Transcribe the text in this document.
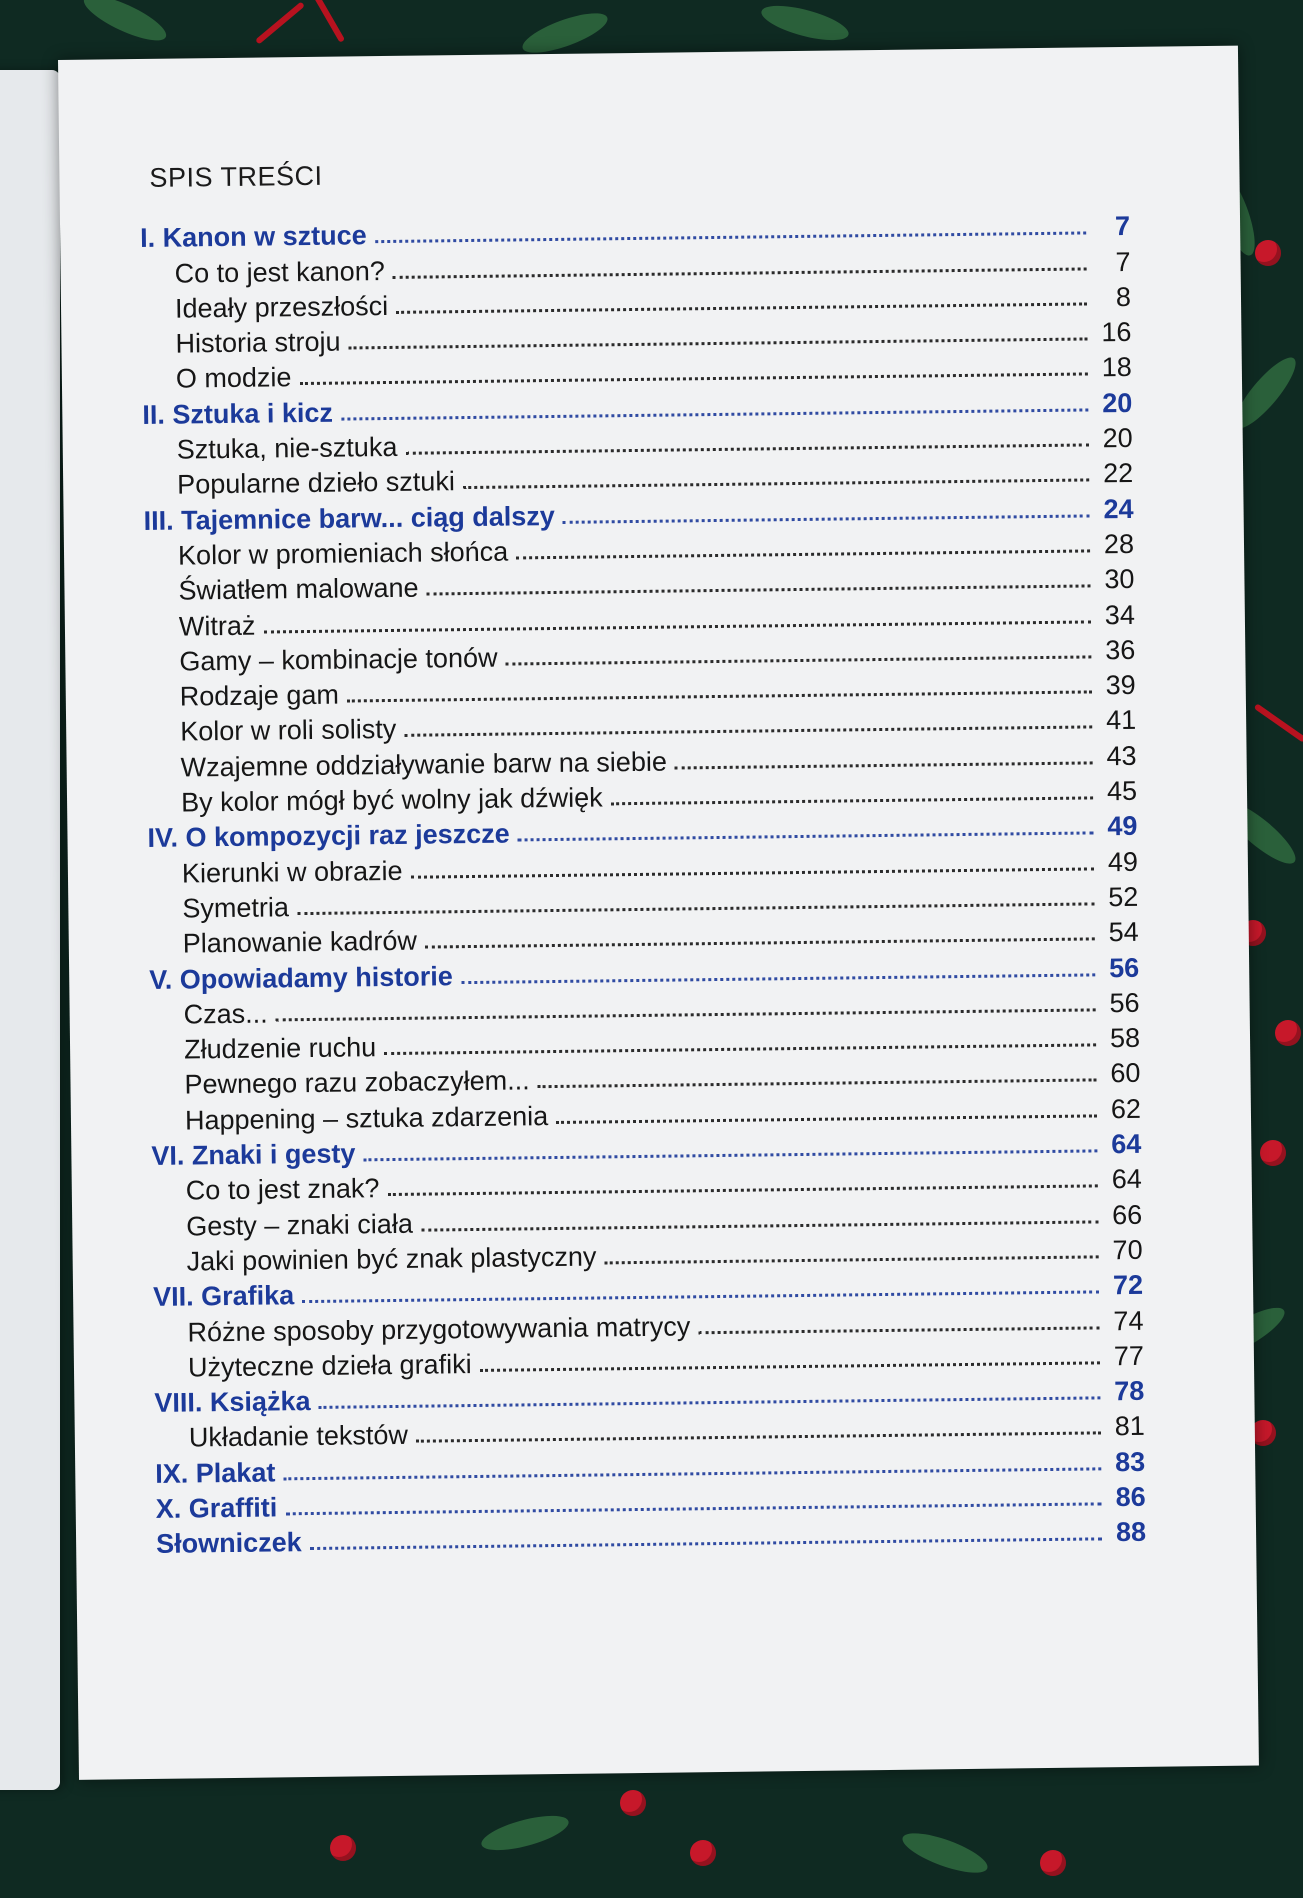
SPIS TREŚCI
I. Kanon w sztuce	7
Co to jest kanon?	7
Ideały przeszłości	8
Historia stroju	16
O modzie	18
II. Sztuka i kicz	20
Sztuka, nie-sztuka	20
Popularne dzieło sztuki	22
III. Tajemnice barw... ciąg dalszy	24
Kolor w promieniach słońca	28
Światłem malowane	30
Witraż	34
Gamy – kombinacje tonów	36
Rodzaje gam	39
Kolor w roli solisty	41
Wzajemne oddziaływanie barw na siebie	43
By kolor mógł być wolny jak dźwięk	45
IV. O kompozycji raz jeszcze	49
Kierunki w obrazie	49
Symetria	52
Planowanie kadrów	54
V. Opowiadamy historie	56
Czas...	56
Złudzenie ruchu	58
Pewnego razu zobaczyłem...	60
Happening – sztuka zdarzenia	62
VI. Znaki i gesty	64
Co to jest znak?	64
Gesty – znaki ciała	66
Jaki powinien być znak plastyczny	70
VII. Grafika	72
Różne sposoby przygotowywania matrycy	74
Użyteczne dzieła grafiki	77
VIII. Książka	78
Układanie tekstów	81
IX. Plakat	83
X. Graffiti	86
Słowniczek	88
